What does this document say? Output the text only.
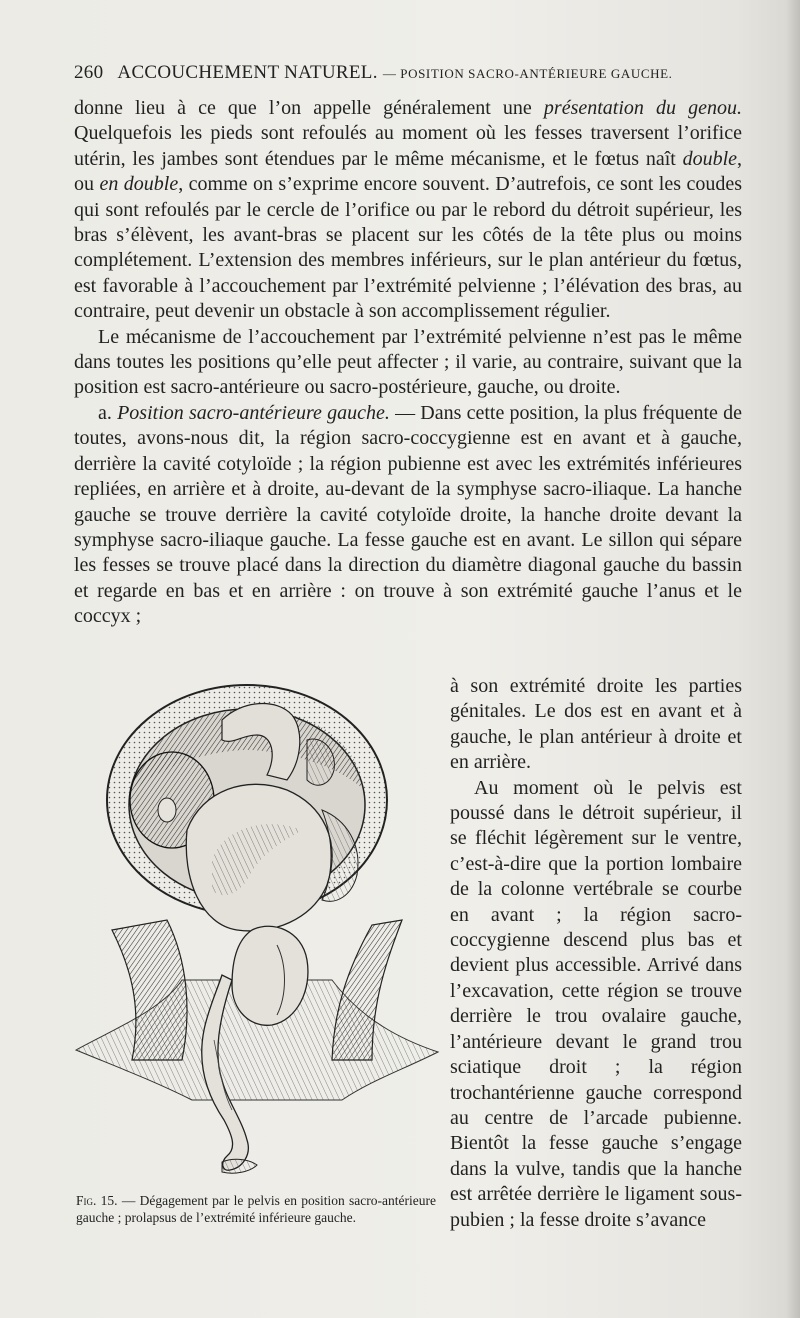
260 ACCOUCHEMENT NATUREL. — POSITION SACRO-ANTÉRIEURE GAUCHE.

donne lieu à ce que l’on appelle généralement une présentation du genou. Quelquefois les pieds sont refoulés au moment où les fesses traversent l’orifice utérin, les jambes sont étendues par le même mécanisme, et le fœtus naît double, ou en double, comme on s’exprime encore souvent. D’autrefois, ce sont les coudes qui sont refoulés par le cercle de l’orifice ou par le rebord du détroit supérieur, les bras s’élèvent, les avant-bras se placent sur les côtés de la tête plus ou moins complétement. L’extension des membres inférieurs, sur le plan antérieur du fœtus, est favorable à l’accouchement par l’extrémité pelvienne ; l’élévation des bras, au contraire, peut devenir un obstacle à son accomplissement régulier.

Le mécanisme de l’accouchement par l’extrémité pelvienne n’est pas le même dans toutes les positions qu’elle peut affecter ; il varie, au contraire, suivant que la position est sacro-antérieure ou sacro-postérieure, gauche, ou droite.

a. Position sacro-antérieure gauche. — Dans cette position, la plus fréquente de toutes, avons-nous dit, la région sacro-coccygienne est en avant et à gauche, derrière la cavité cotyloïde ; la région pubienne est avec les extrémités inférieures repliées, en arrière et à droite, au-devant de la symphyse sacro-iliaque. La hanche gauche se trouve derrière la cavité cotyloïde droite, la hanche droite devant la symphyse sacro-iliaque gauche. La fesse gauche est en avant. Le sillon qui sépare les fesses se trouve placé dans la direction du diamètre diagonal gauche du bassin et regarde en bas et en arrière : on trouve à son extrémité gauche l’anus et le coccyx ;

Fig. 15. — Dégagement par le pelvis en position sacro-antérieure gauche ; prolapsus de l’extrémité inférieure gauche.

à son extrémité droite les parties génitales. Le dos est en avant et à gauche, le plan antérieur à droite et en arrière.

Au moment où le pelvis est poussé dans le détroit supérieur, il se fléchit légèrement sur le ventre, c’est-à-dire que la portion lombaire de la colonne vertébrale se courbe en avant ; la région sacro-coccygienne descend plus bas et devient plus accessible. Arrivé dans l’excavation, cette région se trouve derrière le trou ovalaire gauche, l’antérieure devant le grand trou sciatique droit ; la région trochantérienne gauche correspond au centre de l’arcade pubienne. Bientôt la fesse gauche s’engage dans la vulve, tandis que la hanche est arrêtée derrière le ligament sous-pubien ; la fesse droite s’avance
